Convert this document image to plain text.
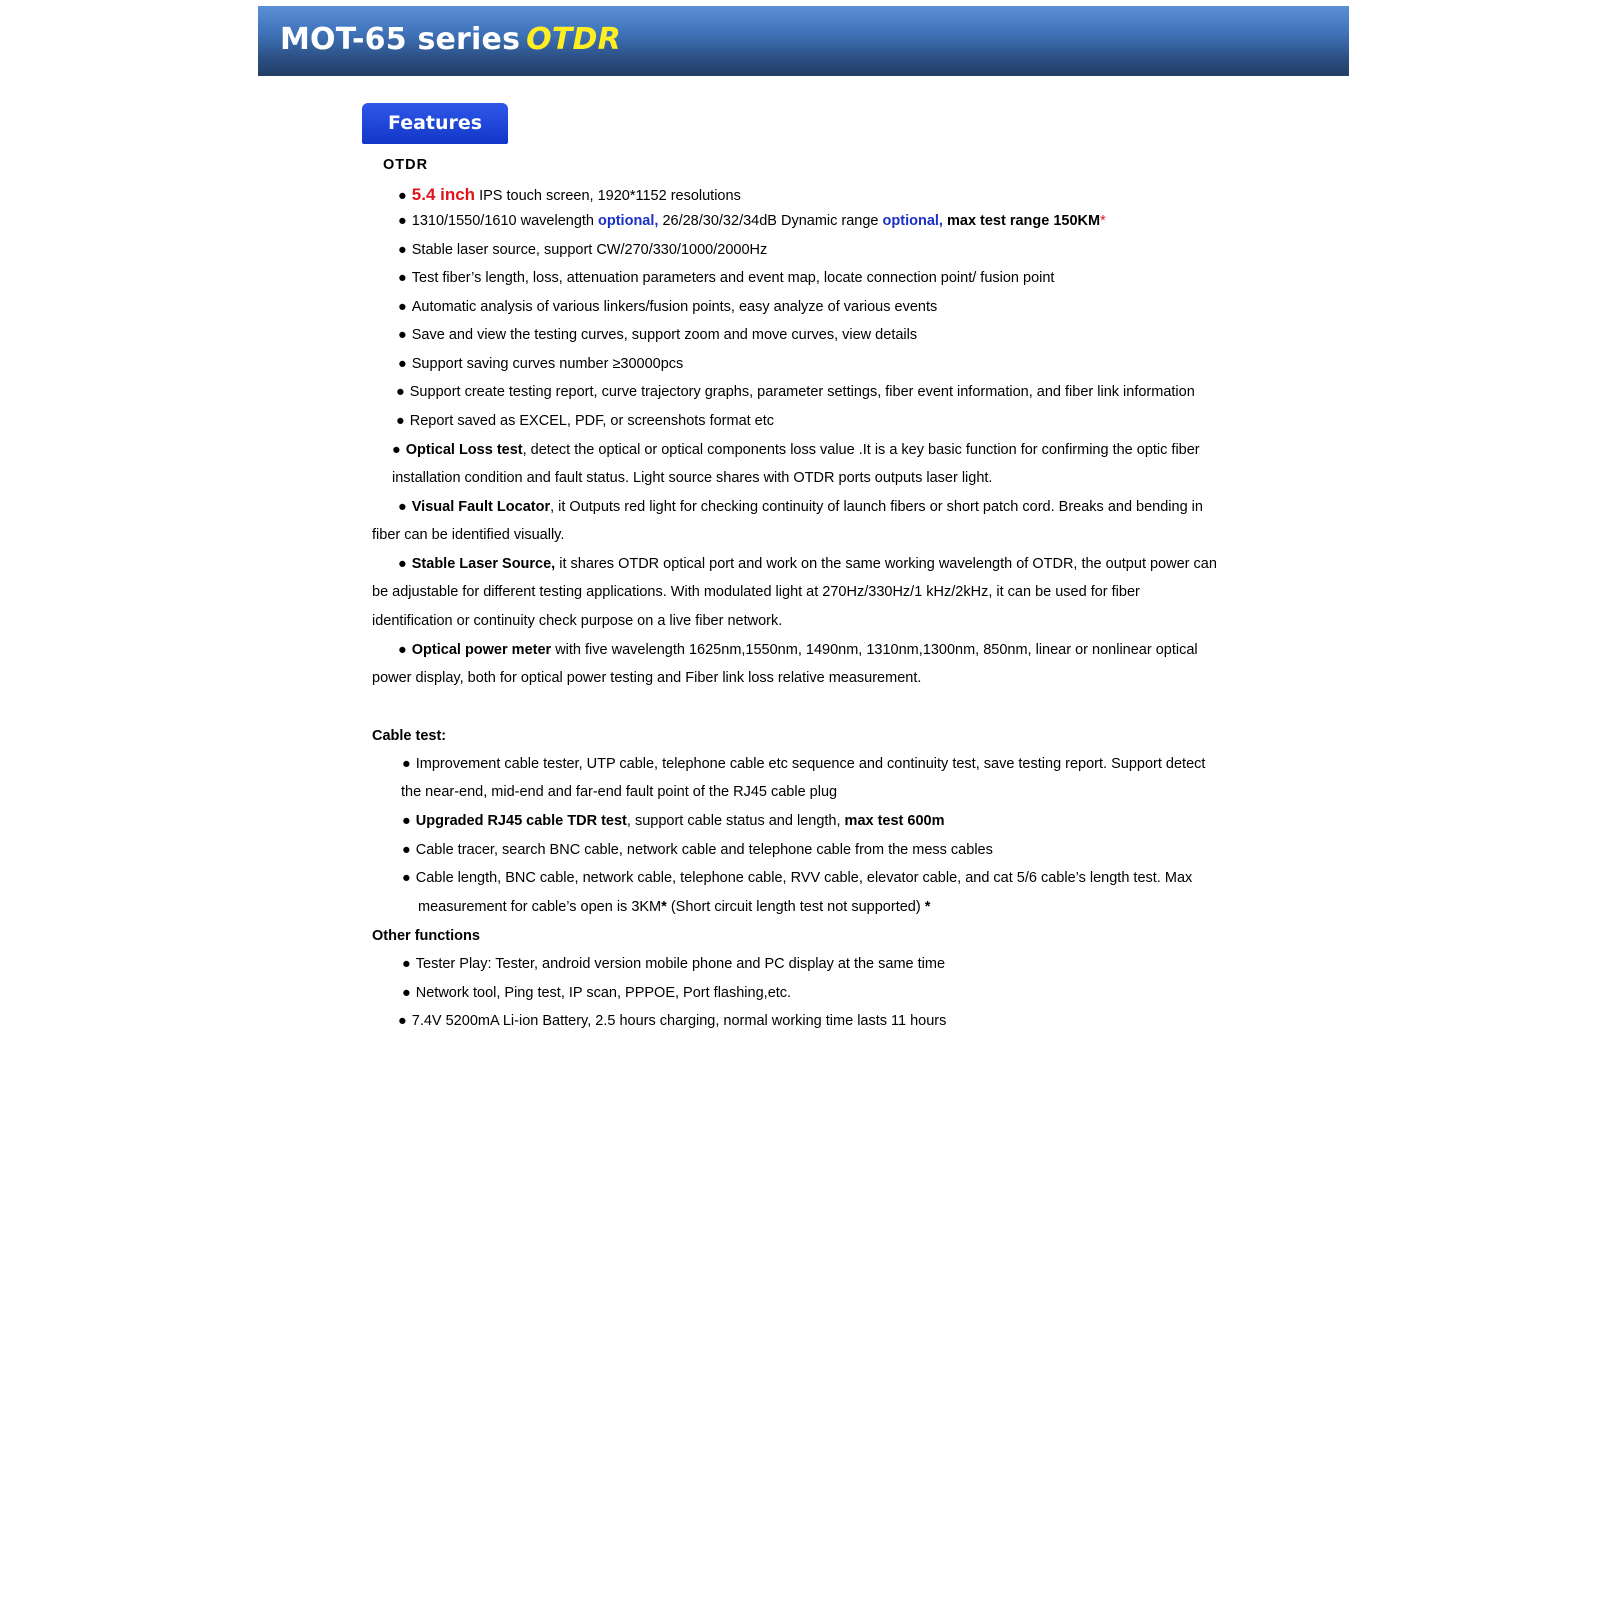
MOT-65 series OTDR
Features
OTDR
● 5.4 inch IPS touch screen, 1920*1152 resolutions
● 1310/1550/1610 wavelength optional, 26/28/30/32/34dB Dynamic range optional, max test range 150KM*
● Stable laser source, support CW/270/330/1000/2000Hz
● Test fiber’s length, loss, attenuation parameters and event map, locate connection point/ fusion point
● Automatic analysis of various linkers/fusion points, easy analyze of various events
● Save and view the testing curves, support zoom and move curves, view details
● Support saving curves number ≥30000pcs
● Support create testing report, curve trajectory graphs, parameter settings, fiber event information, and fiber link information
● Report saved as EXCEL, PDF, or screenshots format etc
● Optical Loss test, detect the optical or optical components loss value .It is a key basic function for confirming the optic fiber
installation condition and fault status. Light source shares with OTDR ports outputs laser light.
● Visual Fault Locator, it Outputs red light for checking continuity of launch fibers or short patch cord. Breaks and bending in
fiber can be identified visually.
● Stable Laser Source, it shares OTDR optical port and work on the same working wavelength of OTDR, the output power can
be adjustable for different testing applications. With modulated light at 270Hz/330Hz/1 kHz/2kHz, it can be used for fiber
identification or continuity check purpose on a live fiber network.
● Optical power meter with five wavelength 1625nm,1550nm, 1490nm, 1310nm,1300nm, 850nm, linear or nonlinear optical
power display, both for optical power testing and Fiber link loss relative measurement.
Cable test:
● Improvement cable tester, UTP cable, telephone cable etc sequence and continuity test, save testing report. Support detect
the near-end, mid-end and far-end fault point of the RJ45 cable plug
● Upgraded RJ45 cable TDR test, support cable status and length, max test 600m
● Cable tracer, search BNC cable, network cable and telephone cable from the mess cables
● Cable length, BNC cable, network cable, telephone cable, RVV cable, elevator cable, and cat 5/6 cable’s length test. Max
measurement for cable’s open is 3KM* (Short circuit length test not supported) *
Other functions
● Tester Play: Tester, android version mobile phone and PC display at the same time
● Network tool, Ping test, IP scan, PPPOE, Port flashing,etc.
● 7.4V 5200mA Li-ion Battery, 2.5 hours charging, normal working time lasts 11 hours
